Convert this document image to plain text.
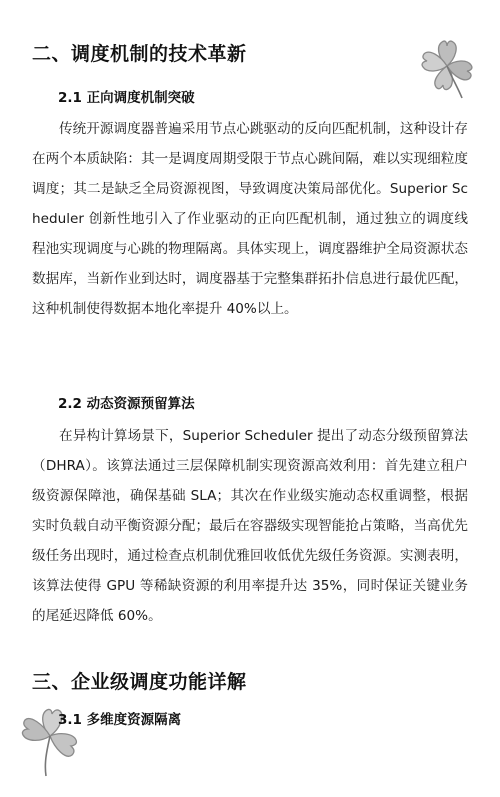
二、调度机制的技术革新
2.1 正向调度机制突破
传统开源调度器普遍采用节点心跳驱动的反向匹配机制，这种设计存在两个本质缺陷：其一是调度周期受限于节点心跳间隔，难以实现细粒度调度；其二是缺乏全局资源视图，导致调度决策局部优化。Superior Scheduler 创新性地引入了作业驱动的正向匹配机制，通过独立的调度线程池实现调度与心跳的物理隔离。具体实现上，调度器维护全局资源状态数据库，当新作业到达时，调度器基于完整集群拓扑信息进行最优匹配，这种机制使得数据本地化率提升 40%以上。
2.2 动态资源预留算法
在异构计算场景下，Superior Scheduler 提出了动态分级预留算法（DHRA）。该算法通过三层保障机制实现资源高效利用：首先建立租户级资源保障池，确保基础 SLA；其次在作业级实施动态权重调整，根据实时负载自动平衡资源分配；最后在容器级实现智能抢占策略，当高优先级任务出现时，通过检查点机制优雅回收低优先级任务资源。实测表明，该算法使得 GPU 等稀缺资源的利用率提升达 35%，同时保证关键业务的尾延迟降低 60%。
三、企业级调度功能详解
3.1 多维度资源隔离
